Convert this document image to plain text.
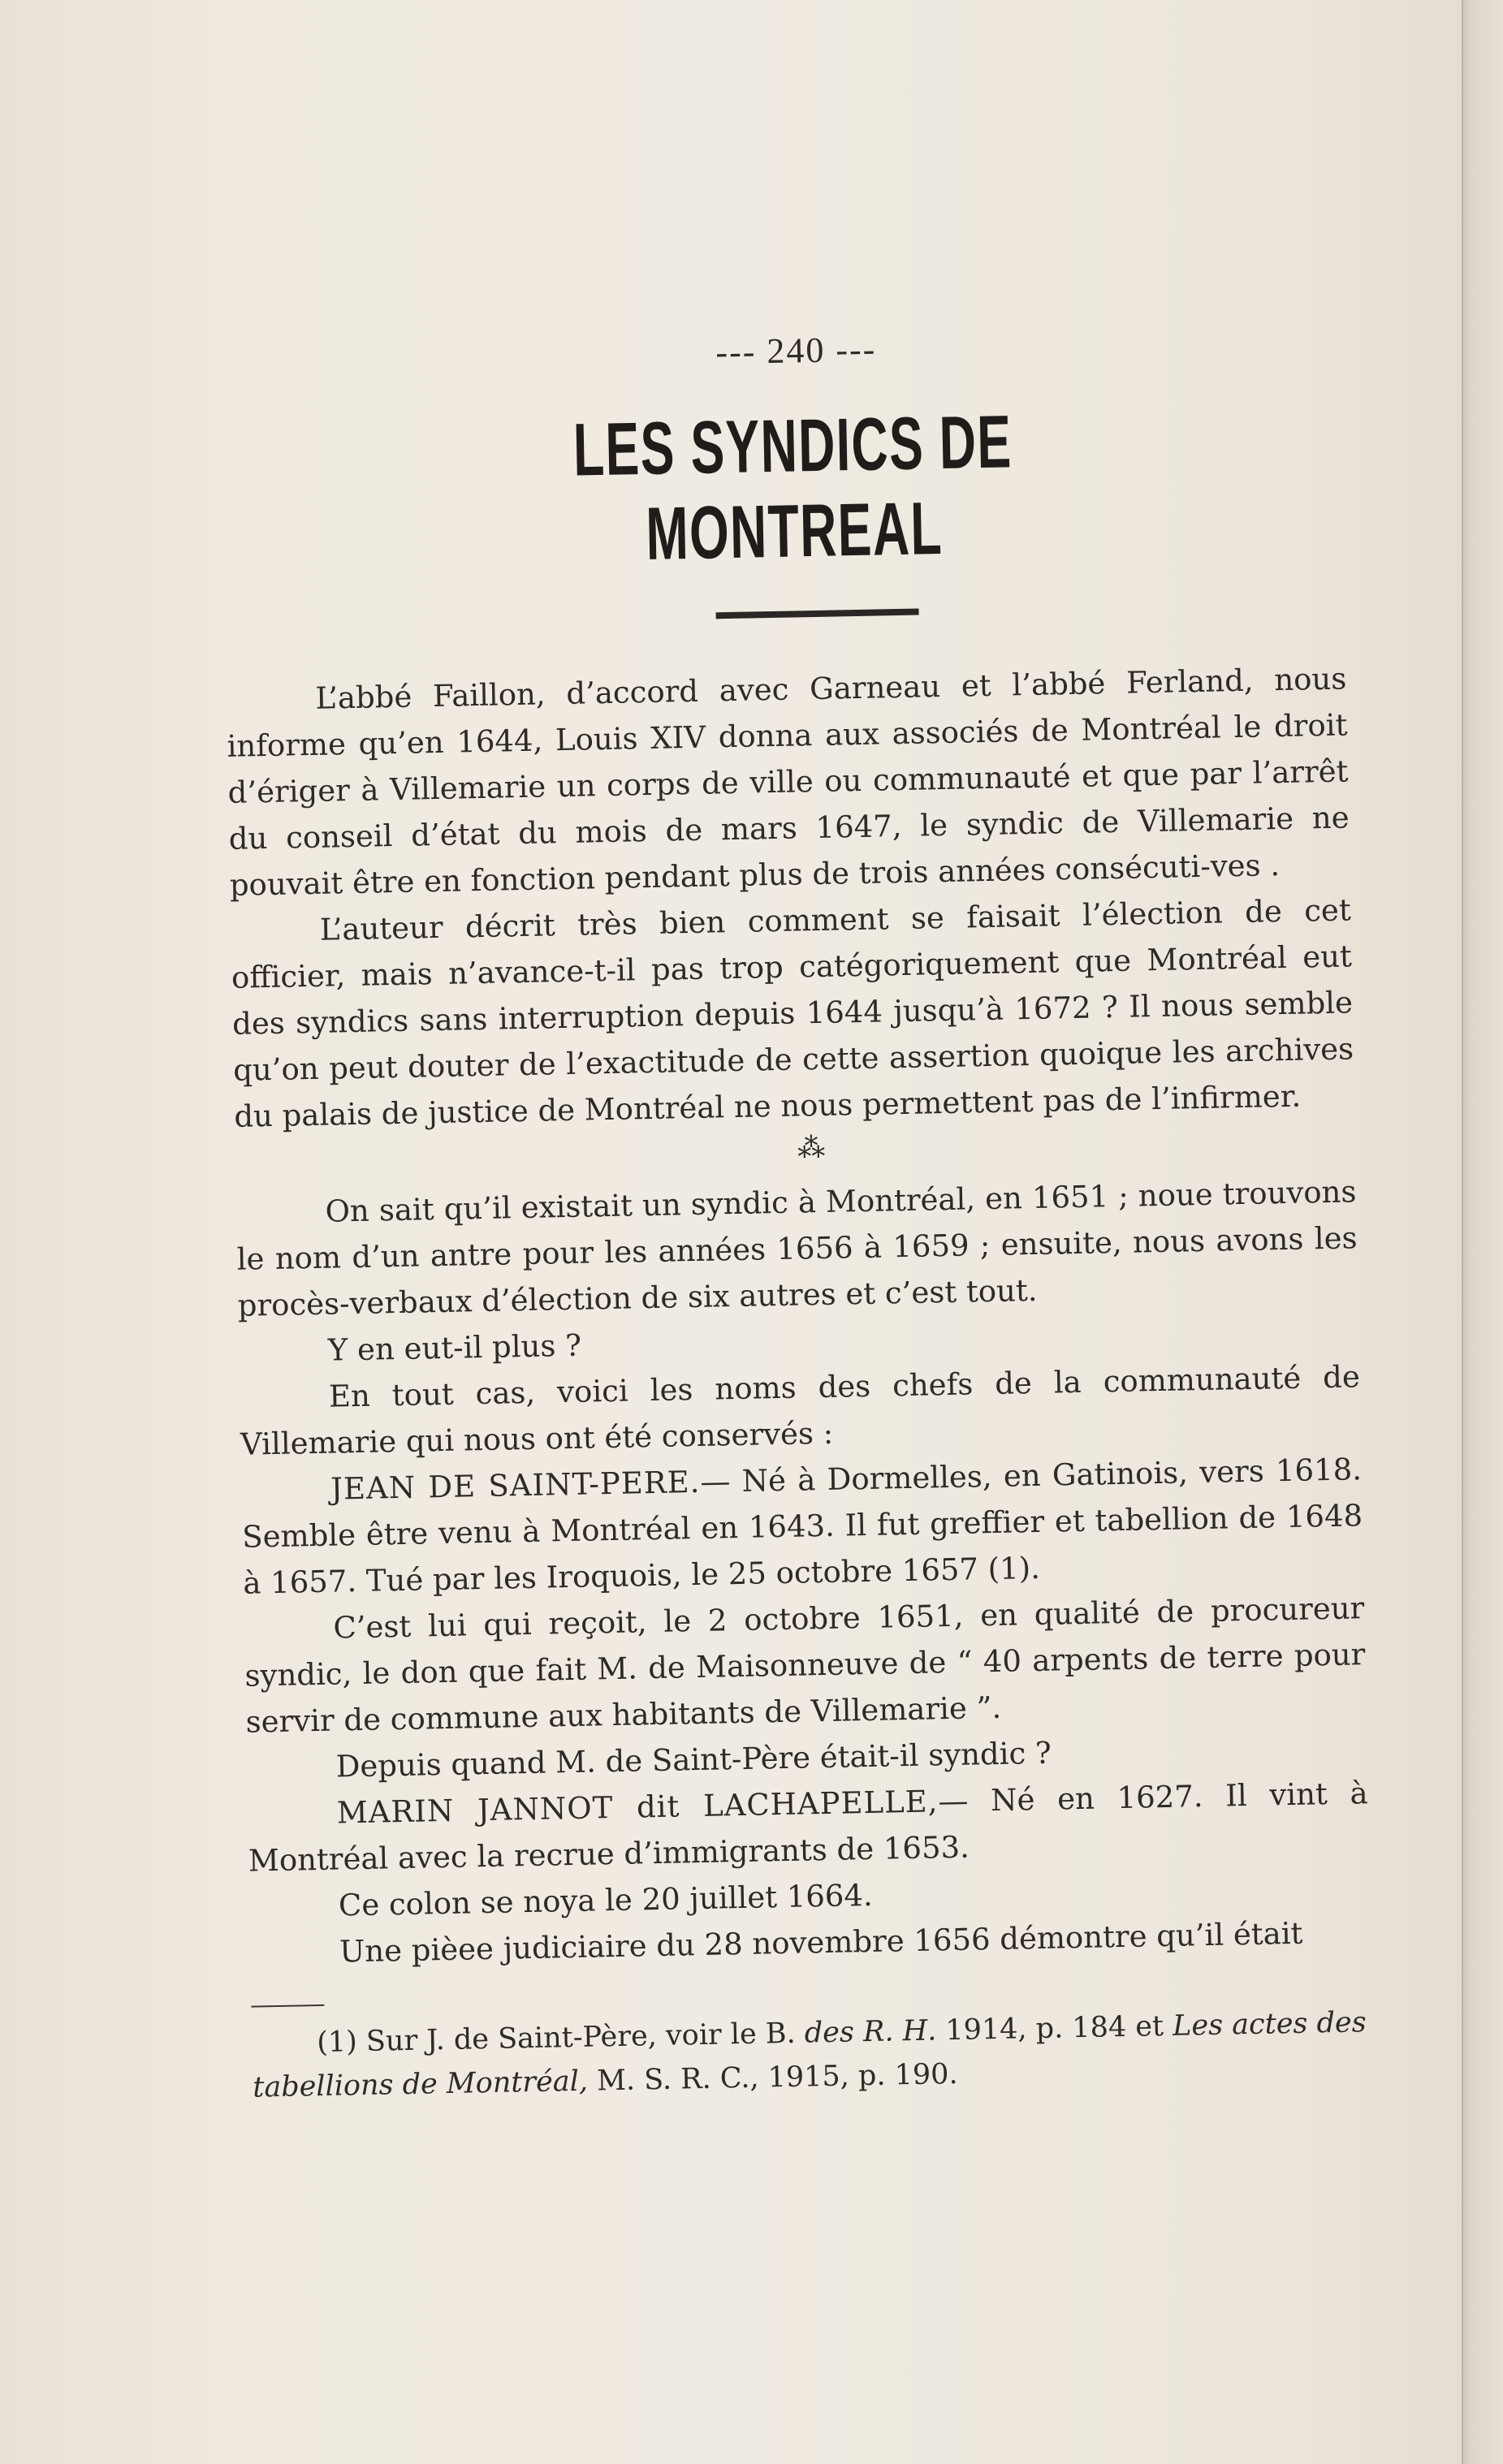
--- 240 ---
LES SYNDICS DE MONTREAL

L’abbé Faillon, d’accord avec Garneau et l’abbé Ferland, nous informe qu’en 1644, Louis XIV donna aux associés de Montréal le droit d’ériger à Villemarie un corps de ville ou communauté et que par l’arrêt du conseil d’état du mois de mars 1647, le syndic de Villemarie ne pouvait être en fonction pendant plus de trois années consécuti-ves .

L’auteur décrit très bien comment se faisait l’élection de cet officier, mais n’avance-t-il pas trop catégoriquement que Montréal eut des syndics sans interruption depuis 1644 jusqu’à 1672 ? Il nous semble qu’on peut douter de l’exactitude de cette assertion quoique les archives du palais de justice de Montréal ne nous permettent pas de l’infirmer.

⁂

On sait qu’il existait un syndic à Montréal, en 1651 ; noue trouvons le nom d’un antre pour les années 1656 à 1659 ; ensuite, nous avons les procès-verbaux d’élection de six autres et c’est tout.

Y en eut-il plus ?

En tout cas, voici les noms des chefs de la communauté de Villemarie qui nous ont été conservés :

JEAN DE SAINT-PERE.— Né à Dormelles, en Gatinois, vers 1618. Semble être venu à Montréal en 1643. Il fut greffier et tabellion de 1648 à 1657. Tué par les Iroquois, le 25 octobre 1657 (1).

C’est lui qui reçoit, le 2 octobre 1651, en qualité de procureur syndic, le don que fait M. de Maisonneuve de “ 40 arpents de terre pour servir de commune aux habitants de Villemarie ”.

Depuis quand M. de Saint-Père était-il syndic ?

MARIN JANNOT dit LACHAPELLE,— Né en 1627. Il vint à Montréal avec la recrue d’immigrants de 1653.

Ce colon se noya le 20 juillet 1664.

Une pièee judiciaire du 28 novembre 1656 démontre qu’il était

(1) Sur J. de Saint-Père, voir le B. des R. H. 1914, p. 184 et Les actes des tabellions de Montréal, M. S. R. C., 1915, p. 190.
